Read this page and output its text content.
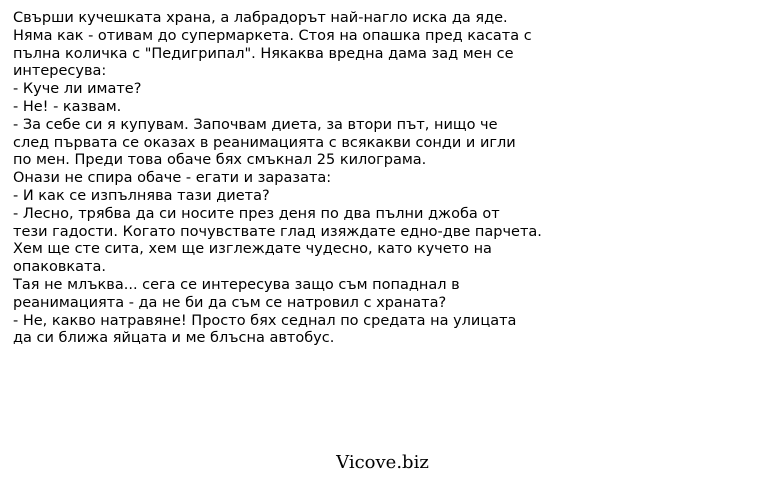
Свърши кучешката храна, а лабрадорът най-нагло иска да яде.
Няма как - отивам до супермаркета. Стоя на опашка пред касата с
пълна количка с "Педигрипал". Някаква вредна дама зад мен се
интересува:
- Куче ли имате?
- Не! - казвам.
- За себе си я купувам. Започвам диета, за втори път, нищо че
след първата се оказах в реанимацията с всякакви сонди и игли
по мен. Преди това обаче бях смъкнал 25 килограма.
Онази не спира обаче - егати и заразата:
- И как се изпълнява тази диета?
- Лесно, трябва да си носите през деня по два пълни джоба от
тези гадости. Когато почувствате глад изяждате едно-две парчета.
Хем ще сте сита, хем ще изглеждате чудесно, като кучето на
опаковката.
Тая не млъква... сега се интересува защо съм попаднал в
реанимацията - да не би да съм се натровил с храната?
- Не, какво натравяне! Просто бях седнал по средата на улицата
да си ближа яйцата и ме блъсна автобус.
Vicove.biz
